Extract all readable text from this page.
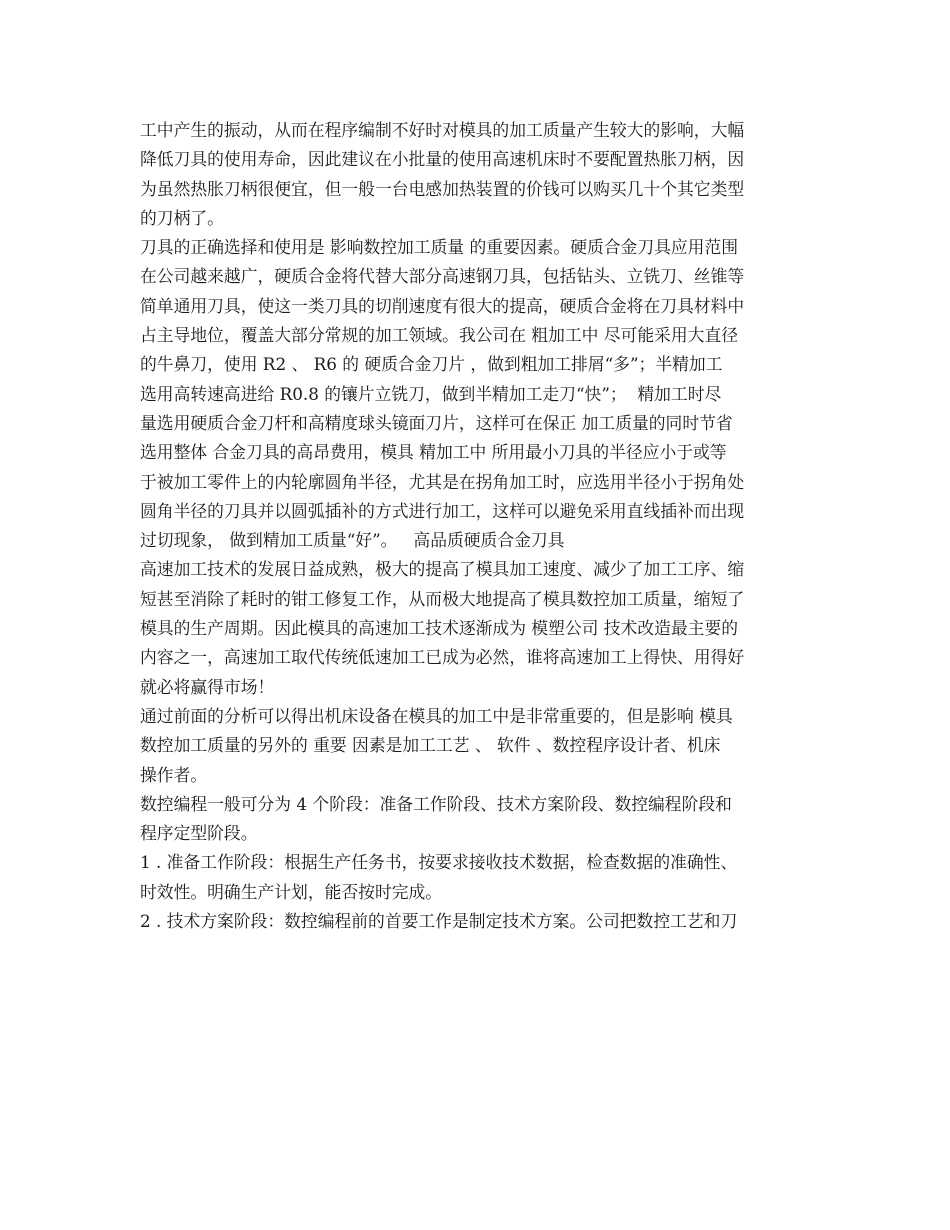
工中产生的振动，从而在程序编制不好时对模具的加工质量产生较大的影响，大幅
降低刀具的使用寿命，因此建议在小批量的使用高速机床时不要配置热胀刀柄，因
为虽然热胀刀柄很便宜，但一般一台电感加热装置的价钱可以购买几十个其它类型
的刀柄了。
刀具的正确选择和使用是 影响数控加工质量 的重要因素。硬质合金刀具应用范围
在公司越来越广，硬质合金将代替大部分高速钢刀具，包括钻头、立铣刀、丝锥等
简单通用刀具，使这一类刀具的切削速度有很大的提高，硬质合金将在刀具材料中
占主导地位，覆盖大部分常规的加工领域。我公司在 粗加工中 尽可能采用大直径
的牛鼻刀，使用 R2 、 R6 的 硬质合金刀片 ，做到粗加工排屑“多”；半精加工
选用高转速高进给 R0.8 的镶片立铣刀，做到半精加工走刀“快”；  精加工时尽
量选用硬质合金刀杆和高精度球头镜面刀片，这样可在保正 加工质量的同时节省
选用整体 合金刀具的高昂费用，模具 精加工中 所用最小刀具的半径应小于或等
于被加工零件上的内轮廓圆角半径，尤其是在拐角加工时，应选用半径小于拐角处
圆角半径的刀具并以圆弧插补的方式进行加工，这样可以避免采用直线插补而出现
过切现象， 做到精加工质量“好”。   高品质硬质合金刀具
高速加工技术的发展日益成熟，极大的提高了模具加工速度、减少了加工工序、缩
短甚至消除了耗时的钳工修复工作，从而极大地提高了模具数控加工质量，缩短了
模具的生产周期。因此模具的高速加工技术逐渐成为 模塑公司 技术改造最主要的
内容之一，高速加工取代传统低速加工已成为必然，谁将高速加工上得快、用得好
就必将赢得市场！
通过前面的分析可以得出机床设备在模具的加工中是非常重要的，但是影响 模具
数控加工质量的另外的 重要 因素是加工工艺 、 软件 、数控程序设计者、机床
操作者。
数控编程一般可分为 4 个阶段：准备工作阶段、技术方案阶段、数控编程阶段和
程序定型阶段。
1 . 准备工作阶段：根据生产任务书，按要求接收技术数据，检查数据的准确性、
时效性。明确生产计划，能否按时完成。
2 . 技术方案阶段：数控编程前的首要工作是制定技术方案。公司把数控工艺和刀
